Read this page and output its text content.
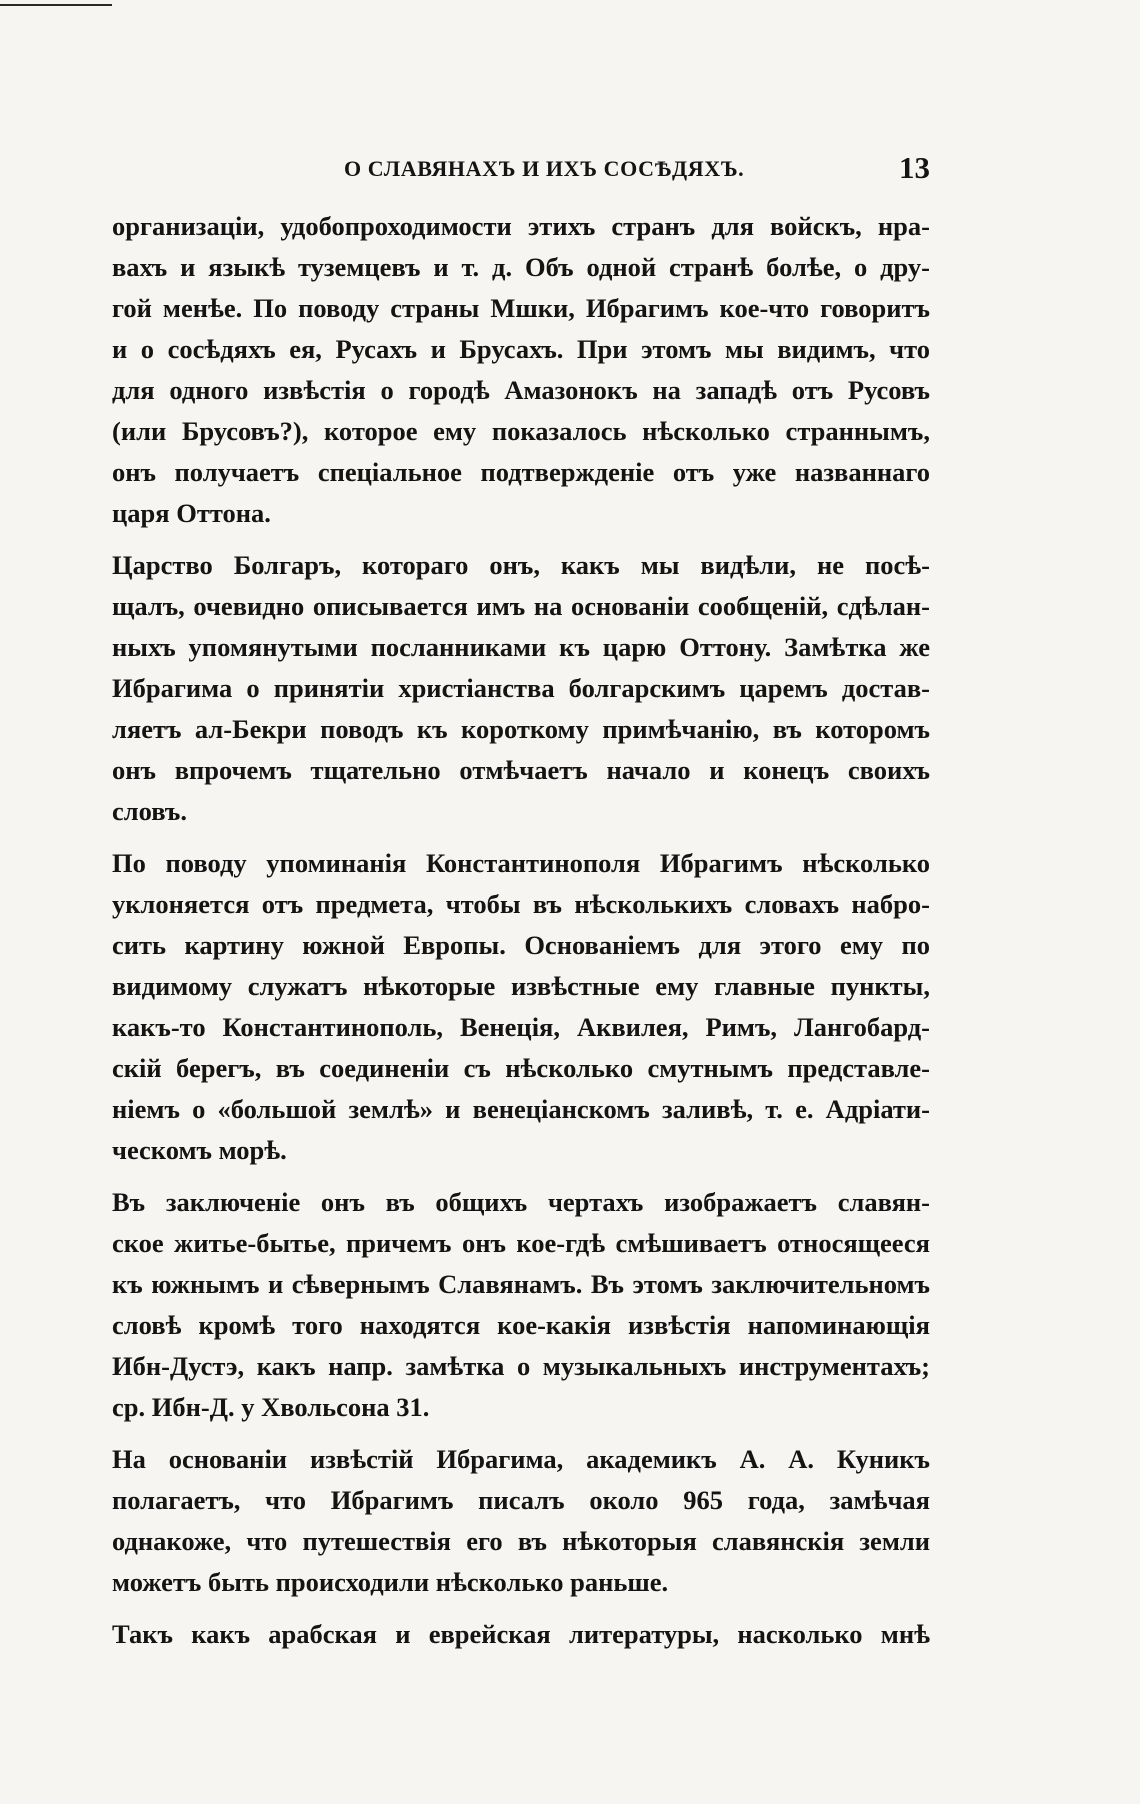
О СЛАВЯНАХЪ И ИХЪ СОСѢДЯХЪ.	13
организаціи, удобопроходимости этихъ странъ для войскъ, нра-
вахъ и языкѣ туземцевъ и т. д. Объ одной странѣ болѣе, о дру-
гой менѣе. По поводу страны Мшки, Ибрагимъ кое-что говоритъ
и о сосѣдяхъ ея, Русахъ и Брусахъ. При этомъ мы видимъ, что
для одного извѣстія о городѣ Амазонокъ на западѣ отъ Русовъ
(или Брусовъ?), которое ему показалось нѣсколько страннымъ,
онъ получаетъ спеціальное подтвержденіе отъ уже названнаго
царя Оттона.
Царство Болгаръ, котораго онъ, какъ мы видѣли, не посѣ-
щалъ, очевидно описывается имъ на основаніи сообщеній, сдѣлан-
ныхъ упомянутыми посланниками къ царю Оттону. Замѣтка же
Ибрагима о принятіи христіанства болгарскимъ царемъ достав-
ляетъ ал-Бекри поводъ къ короткому примѣчанію, въ которомъ
онъ впрочемъ тщательно отмѣчаетъ начало и конецъ своихъ
словъ.
По поводу упоминанія Константинополя Ибрагимъ нѣсколько
уклоняется отъ предмета, чтобы въ нѣсколькихъ словахъ набро-
сить картину южной Европы. Основаніемъ для этого ему по
видимому служатъ нѣкоторые извѣстные ему главные пункты,
какъ-то Константинополь, Венеція, Аквилея, Римъ, Лангобард-
скій берегъ, въ соединеніи съ нѣсколько смутнымъ представле-
ніемъ о «большой землѣ» и венеціанскомъ заливѣ, т. е. Адріати-
ческомъ морѣ.
Въ заключеніе онъ въ общихъ чертахъ изображаетъ славян-
ское житье-бытье, причемъ онъ кое-гдѣ смѣшиваетъ относящееся
къ южнымъ и сѣвернымъ Славянамъ. Въ этомъ заключительномъ
словѣ кромѣ того находятся кое-какія извѣстія напоминающія
Ибн-Дустэ, какъ напр. замѣтка о музыкальныхъ инструментахъ;
ср. Ибн-Д. у Хвольсона 31.
На основаніи извѣстій Ибрагима, академикъ А. А. Куникъ
полагаетъ, что Ибрагимъ писалъ около 965 года, замѣчая
однакоже, что путешествія его въ нѣкоторыя славянскія земли
можетъ быть происходили нѣсколько раньше.
Такъ какъ арабская и еврейская литературы, насколько мнѣ
